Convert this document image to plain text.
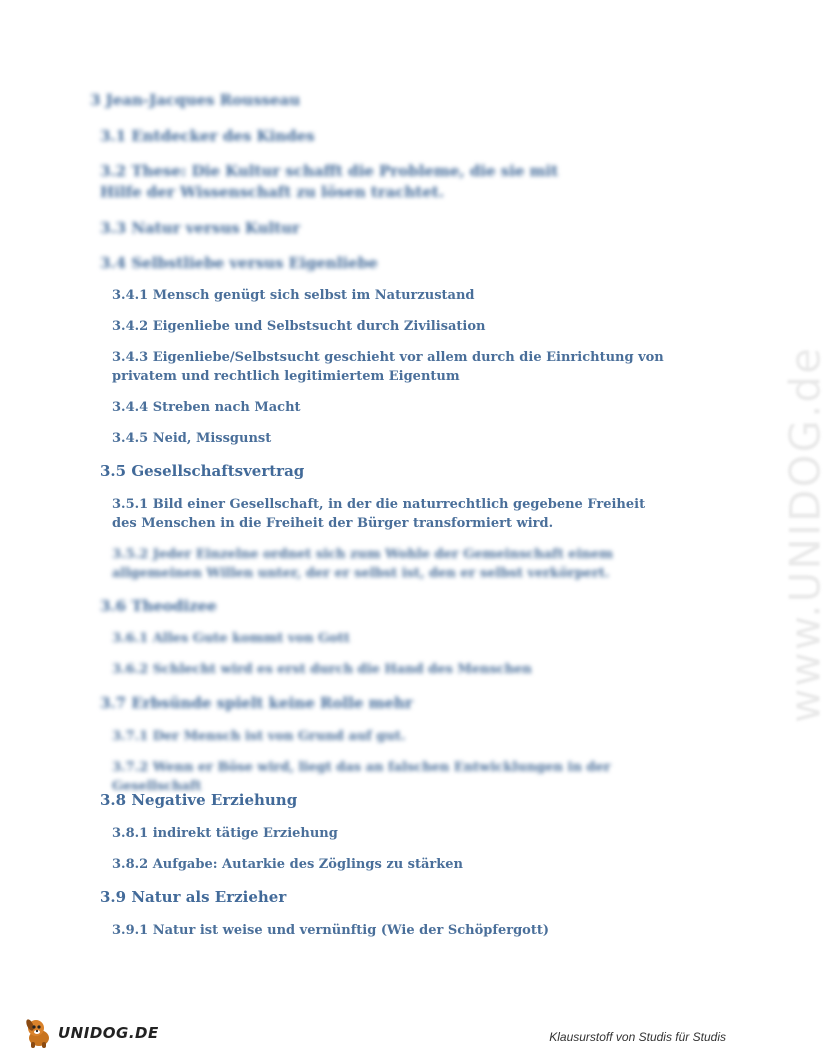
3 Jean-Jacques Rousseau
3.1 Entdecker des Kindes
3.2 These: Die Kultur schafft die Probleme, die sie mit Hilfe der Wissenschaft zu lösen trachtet.
3.3 Natur versus Kultur
3.4 Selbstliebe versus Eigenliebe
3.4.1 Mensch genügt sich selbst im Naturzustand
3.4.2 Eigenliebe und Selbstsucht durch Zivilisation
3.4.3 Eigenliebe/Selbstsucht geschieht vor allem durch die Einrichtung von privatem und rechtlich legitimiertem Eigentum
3.4.4 Streben nach Macht
3.4.5 Neid, Missgunst
3.5 Gesellschaftsvertrag
3.5.1 Bild einer Gesellschaft, in der die naturrechtlich gegebene Freiheit des Menschen in die Freiheit der Bürger transformiert wird.
3.5.2 Jeder Einzelne ordnet sich zum Wohle der Gemeinschaft einem allgemeinen Willen unter, der er selbst ist, den er selbst verkörpert.
3.6 Theodizee
3.6.1 Alles Gute kommt von Gott
3.6.2 Schlecht wird es erst durch die Hand des Menschen
3.7 Erbsünde spielt keine Rolle mehr
3.7.1 Der Mensch ist von Grund auf gut.
3.7.2 Wenn er Böse wird, liegt das an falschen Entwicklungen in der Gesellschaft
3.8 Negative Erziehung
3.8.1 indirekt tätige Erziehung
3.8.2 Aufgabe: Autarkie des Zöglings zu stärken
3.9 Natur als Erzieher
3.9.1 Natur ist weise und vernünftig (Wie der Schöpfergott)
www.UNIDOG.de
UNIDOG.DE	Klausurstoff von Studis für Studis
